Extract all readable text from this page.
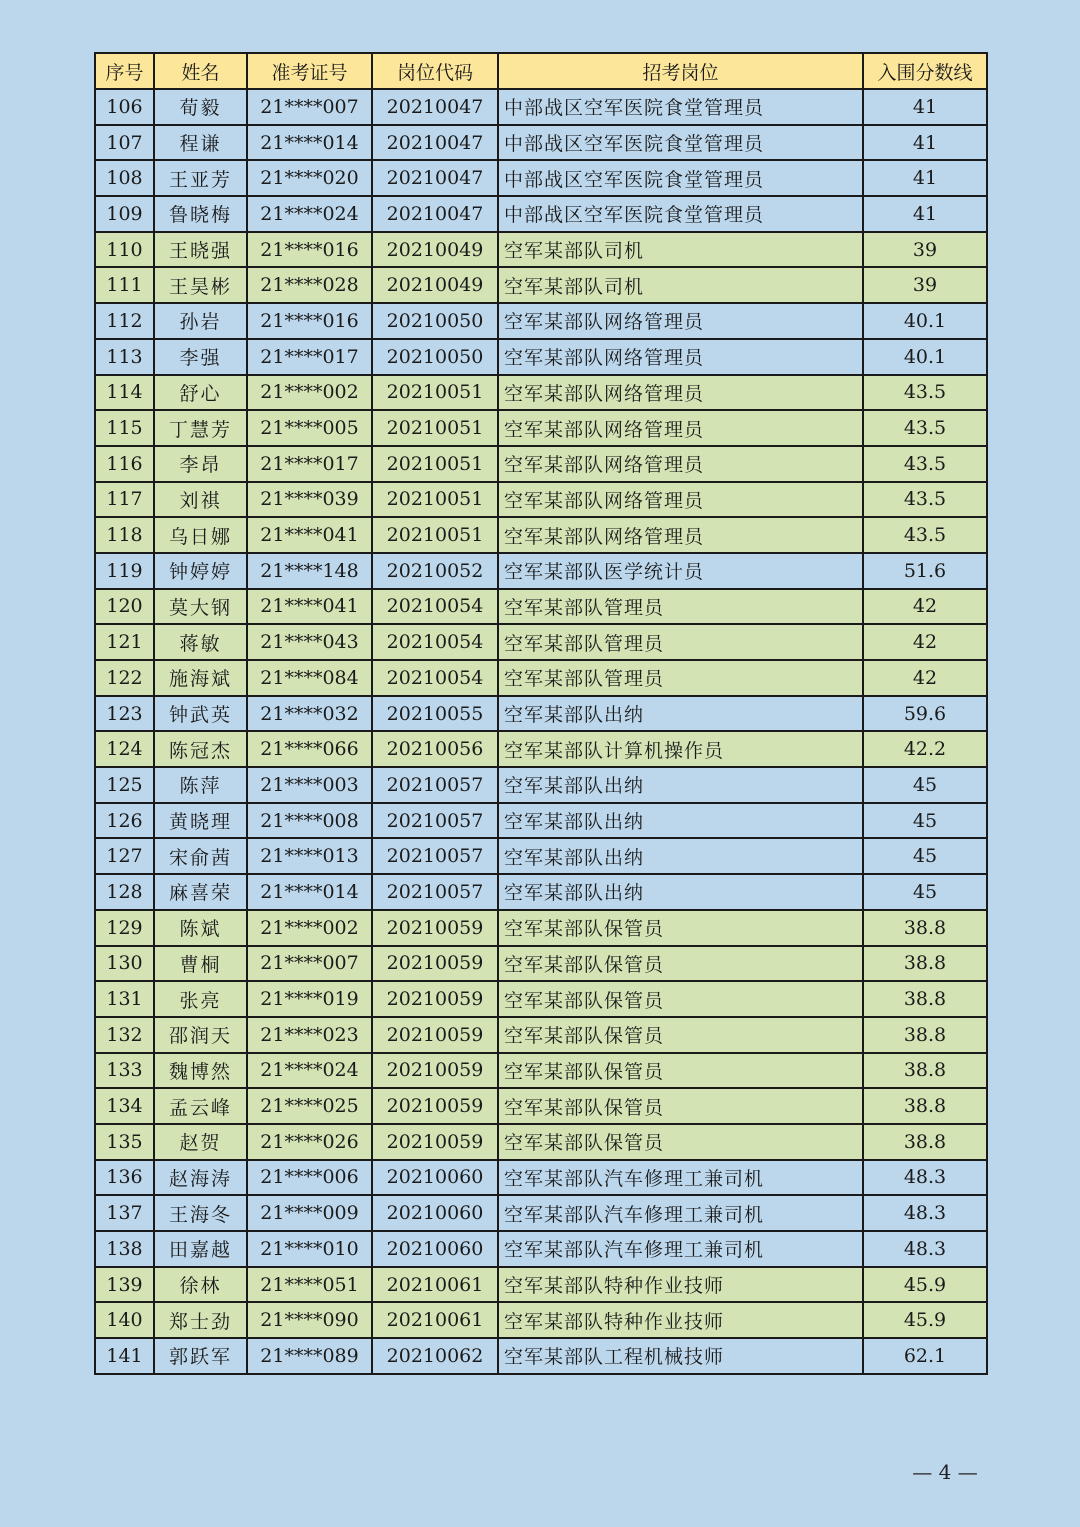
序号	姓名	准考证号	岗位代码	招考岗位	入围分数线
106	荀毅	21****007	20210047	中部战区空军医院食堂管理员	41
107	程谦	21****014	20210047	中部战区空军医院食堂管理员	41
108	王亚芳	21****020	20210047	中部战区空军医院食堂管理员	41
109	鲁晓梅	21****024	20210047	中部战区空军医院食堂管理员	41
110	王晓强	21****016	20210049	空军某部队司机	39
111	王昊彬	21****028	20210049	空军某部队司机	39
112	孙岩	21****016	20210050	空军某部队网络管理员	40.1
113	李强	21****017	20210050	空军某部队网络管理员	40.1
114	舒心	21****002	20210051	空军某部队网络管理员	43.5
115	丁慧芳	21****005	20210051	空军某部队网络管理员	43.5
116	李昂	21****017	20210051	空军某部队网络管理员	43.5
117	刘祺	21****039	20210051	空军某部队网络管理员	43.5
118	乌日娜	21****041	20210051	空军某部队网络管理员	43.5
119	钟婷婷	21****148	20210052	空军某部队医学统计员	51.6
120	莫大钢	21****041	20210054	空军某部队管理员	42
121	蒋敏	21****043	20210054	空军某部队管理员	42
122	施海斌	21****084	20210054	空军某部队管理员	42
123	钟武英	21****032	20210055	空军某部队出纳	59.6
124	陈冠杰	21****066	20210056	空军某部队计算机操作员	42.2
125	陈萍	21****003	20210057	空军某部队出纳	45
126	黄晓理	21****008	20210057	空军某部队出纳	45
127	宋俞茜	21****013	20210057	空军某部队出纳	45
128	麻喜荣	21****014	20210057	空军某部队出纳	45
129	陈斌	21****002	20210059	空军某部队保管员	38.8
130	曹桐	21****007	20210059	空军某部队保管员	38.8
131	张亮	21****019	20210059	空军某部队保管员	38.8
132	邵润天	21****023	20210059	空军某部队保管员	38.8
133	魏博然	21****024	20210059	空军某部队保管员	38.8
134	孟云峰	21****025	20210059	空军某部队保管员	38.8
135	赵贺	21****026	20210059	空军某部队保管员	38.8
136	赵海涛	21****006	20210060	空军某部队汽车修理工兼司机	48.3
137	王海冬	21****009	20210060	空军某部队汽车修理工兼司机	48.3
138	田嘉越	21****010	20210060	空军某部队汽车修理工兼司机	48.3
139	徐林	21****051	20210061	空军某部队特种作业技师	45.9
140	郑士劲	21****090	20210061	空军某部队特种作业技师	45.9
141	郭跃军	21****089	20210062	空军某部队工程机械技师	62.1
— 4 —
